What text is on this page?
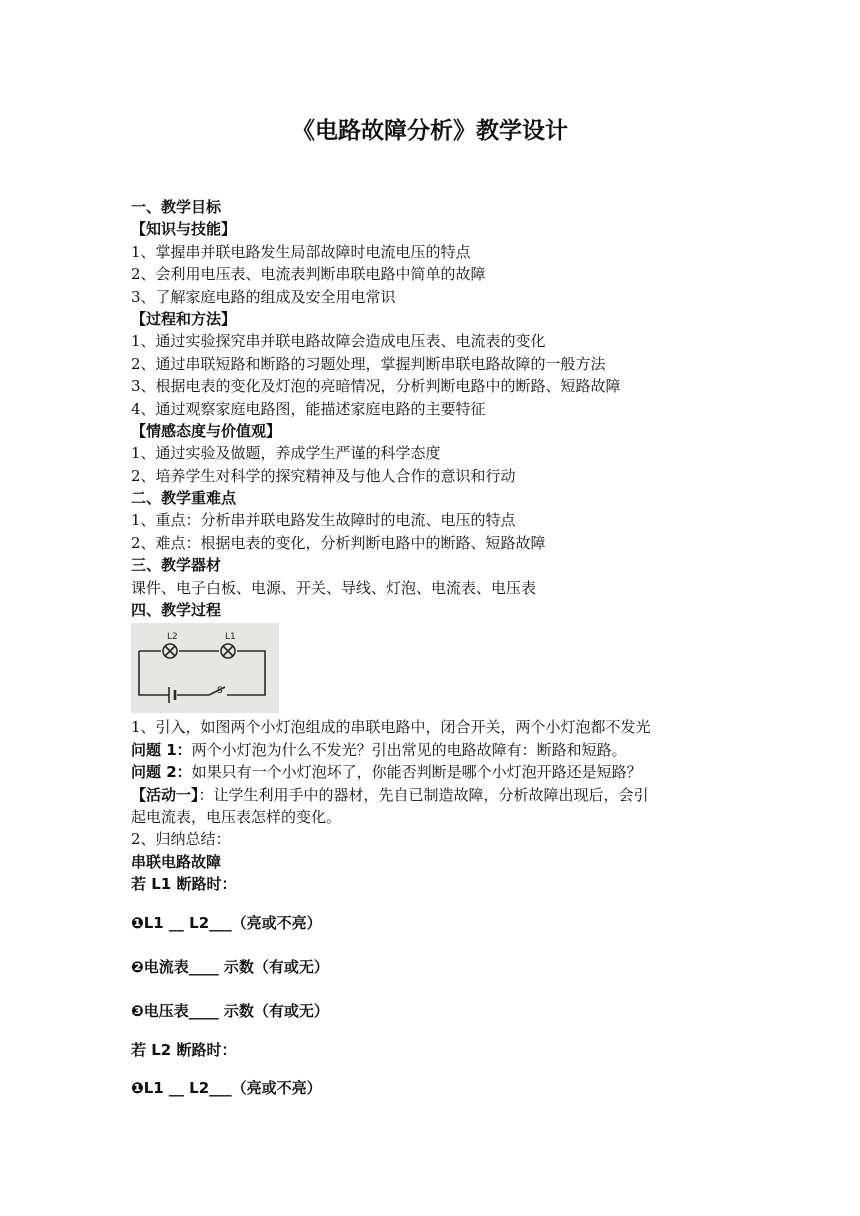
《电路故障分析》教学设计
一、教学目标
【知识与技能】
1、掌握串并联电路发生局部故障时电流电压的特点
2、会利用电压表、电流表判断串联电路中简单的故障
3、了解家庭电路的组成及安全用电常识
【过程和方法】
1、通过实验探究串并联电路故障会造成电压表、电流表的变化
2、通过串联短路和断路的习题处理，掌握判断串联电路故障的一般方法
3、根据电表的变化及灯泡的亮暗情况，分析判断电路中的断路、短路故障
4、通过观察家庭电路图，能描述家庭电路的主要特征
【情感态度与价值观】
1、通过实验及做题，养成学生严谨的科学态度
2、培养学生对科学的探究精神及与他人合作的意识和行动
二、教学重难点
1、重点：分析串并联电路发生故障时的电流、电压的特点
2、难点：根据电表的变化，分析判断电路中的断路、短路故障
三、教学器材
课件、电子白板、电源、开关、导线、灯泡、电流表、电压表
四、教学过程
L2	L1
S
1、引入，如图两个小灯泡组成的串联电路中，闭合开关，两个小灯泡都不发光
问题 1：两个小灯泡为什么不发光？引出常见的电路故障有：断路和短路。
问题 2：如果只有一个小灯泡坏了，你能否判断是哪个小灯泡开路还是短路？
【活动一】：让学生利用手中的器材，先自已制造故障，分析故障出现后，会引
起电流表，电压表怎样的变化。
2、归纳总结：
串联电路故障
若 L1 断路时：
❶L1 __ L2___（亮或不亮）
❷电流表____ 示数（有或无）
❸电压表____ 示数（有或无）
若 L2 断路时：
❶L1 __ L2___（亮或不亮）
